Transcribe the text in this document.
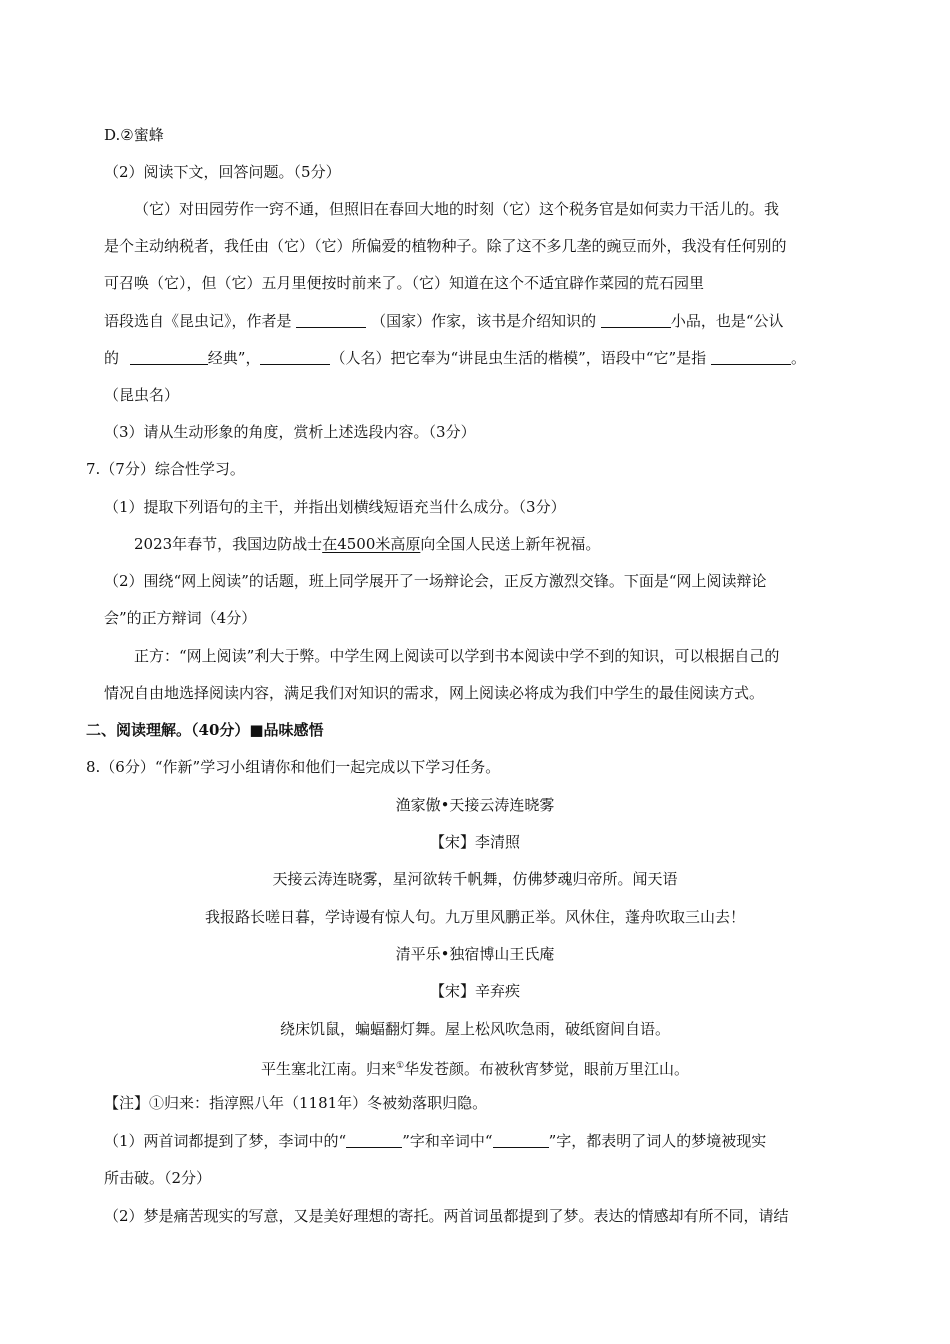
D.②蜜蜂
（2）阅读下文，回答问题。（5分）
（它）对田园劳作一窍不通，但照旧在春回大地的时刻（它）这个税务官是如何卖力干活儿的。我
是个主动纳税者，我任由（它）（它）所偏爱的植物种子。除了这不多几垄的豌豆而外，我没有任何别的
可召唤（它），但（它）五月里便按时前来了。（它）知道在这个不适宜辟作菜园的荒石园里
语段选自《昆虫记》，作者是	（国家）作家，该书是介绍知识的	小品，也是“公认
的	经典”，	（人名）把它奉为“讲昆虫生活的楷模”，语段中“它”是指	。
（昆虫名）
（3）请从生动形象的角度，赏析上述选段内容。（3分）
7.（7分）综合性学习。
（1）提取下列语句的主干，并指出划横线短语充当什么成分。（3分）
2023年春节，我国边防战士在4500米高原向全国人民送上新年祝福。
（2）围绕“网上阅读”的话题，班上同学展开了一场辩论会，正反方激烈交锋。下面是“网上阅读辩论
会”的正方辩词（4分）
正方：“网上阅读”利大于弊。中学生网上阅读可以学到书本阅读中学不到的知识，可以根据自己的
情况自由地选择阅读内容，满足我们对知识的需求，网上阅读必将成为我们中学生的最佳阅读方式。
二、阅读理解。（40分）■品味感悟
8.（6分）“作新”学习小组请你和他们一起完成以下学习任务。
渔家傲•天接云涛连晓雾
【宋】李清照
天接云涛连晓雾，星河欲转千帆舞，仿佛梦魂归帝所。闻天语
我报路长嗟日暮，学诗谩有惊人句。九万里风鹏正举。风休住，蓬舟吹取三山去！
清平乐•独宿博山王氏庵
【宋】辛弃疾
绕床饥鼠，蝙蝠翻灯舞。屋上松风吹急雨，破纸窗间自语。
平生塞北江南。归来①华发苍颜。布被秋宵梦觉，眼前万里江山。
【注】①归来：指淳熙八年（1181年）冬被劾落职归隐。
（1）两首词都提到了梦，李词中的“	”字和辛词中“	”字，都表明了词人的梦境被现实
所击破。（2分）
（2）梦是痛苦现实的写意，又是美好理想的寄托。两首词虽都提到了梦。表达的情感却有所不同，请结
